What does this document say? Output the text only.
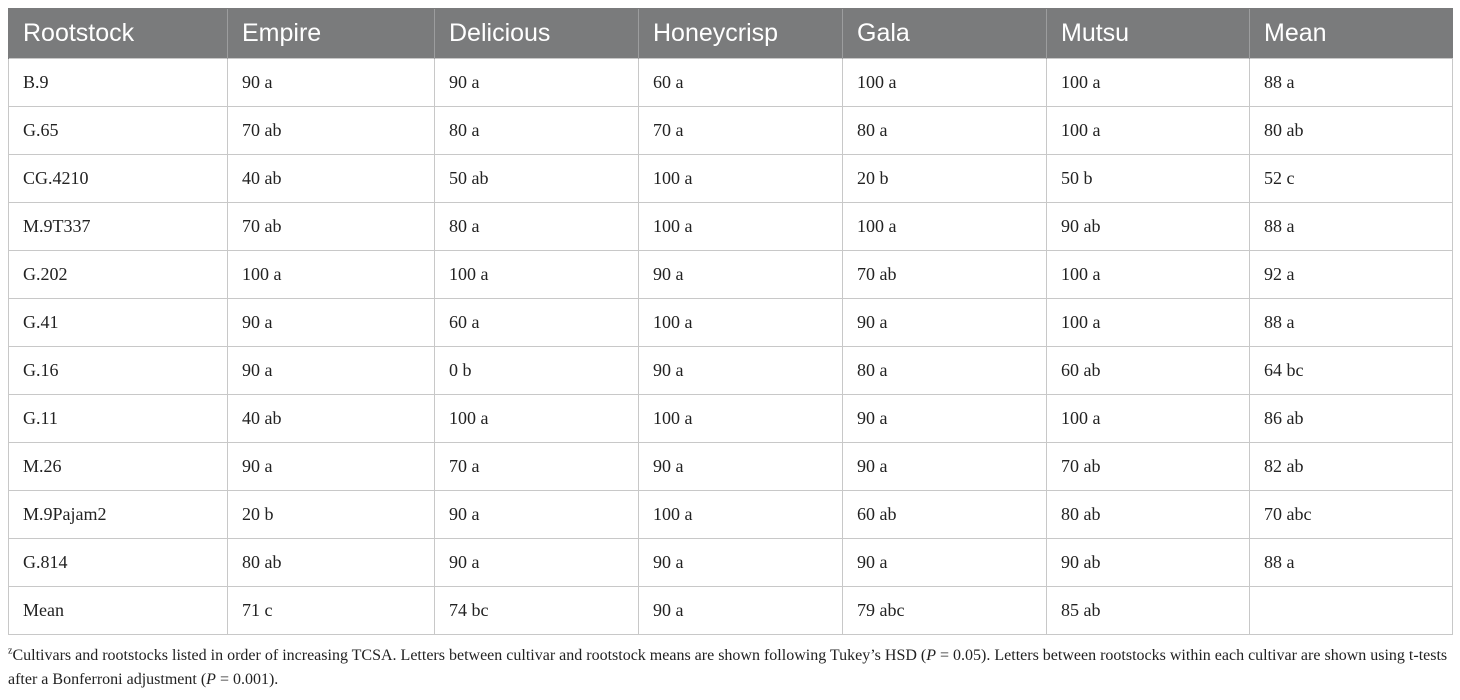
Rootstock	Empire	Delicious	Honeycrisp	Gala	Mutsu	Mean
B.9	90 a	90 a	60 a	100 a	100 a	88 a
G.65	70 ab	80 a	70 a	80 a	100 a	80 ab
CG.4210	40 ab	50 ab	100 a	20 b	50 b	52 c
M.9T337	70 ab	80 a	100 a	100 a	90 ab	88 a
G.202	100 a	100 a	90 a	70 ab	100 a	92 a
G.41	90 a	60 a	100 a	90 a	100 a	88 a
G.16	90 a	0 b	90 a	80 a	60 ab	64 bc
G.11	40 ab	100 a	100 a	90 a	100 a	86 ab
M.26	90 a	70 a	90 a	90 a	70 ab	82 ab
M.9Pajam2	20 b	90 a	100 a	60 ab	80 ab	70 abc
G.814	80 ab	90 a	90 a	90 a	90 ab	88 a
Mean	71 c	74 bc	90 a	79 abc	85 ab	
$^z$Cultivars and rootstocks listed in order of increasing TCSA. Letters between cultivar and rootstock means are shown following Tukey’s HSD (P = 0.05). Letters between rootstocks within each cultivar are shown using t-tests after a Bonferroni adjustment (P = 0.001).
